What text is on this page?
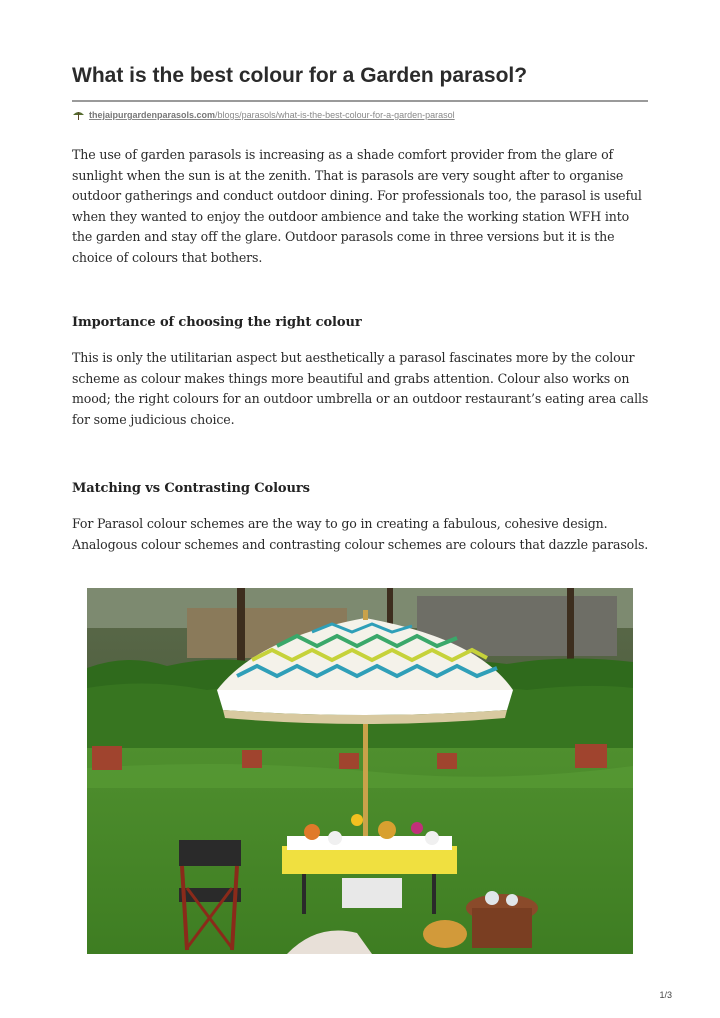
What is the best colour for a Garden parasol?
thejaipurgardenparasols.com/blogs/parasols/what-is-the-best-colour-for-a-garden-parasol

The use of garden parasols is increasing as a shade comfort provider from the glare of sunlight when the sun is at the zenith. That is parasols are very sought after to organise outdoor gatherings and conduct outdoor dining. For professionals too, the parasol is useful when they wanted to enjoy the outdoor ambience and take the working station WFH into the garden and stay off the glare. Outdoor parasols come in three versions but it is the choice of colours that bothers.

Importance of choosing the right colour

This is only the utilitarian aspect but aesthetically a parasol fascinates more by the colour scheme as colour makes things more beautiful and grabs attention. Colour also works on mood; the right colours for an outdoor umbrella or an outdoor restaurant’s eating area calls for some judicious choice.

Matching vs Contrasting Colours

For Parasol colour schemes are the way to go in creating a fabulous, cohesive design. Analogous colour schemes and contrasting colour schemes are colours that dazzle parasols.

1/3
